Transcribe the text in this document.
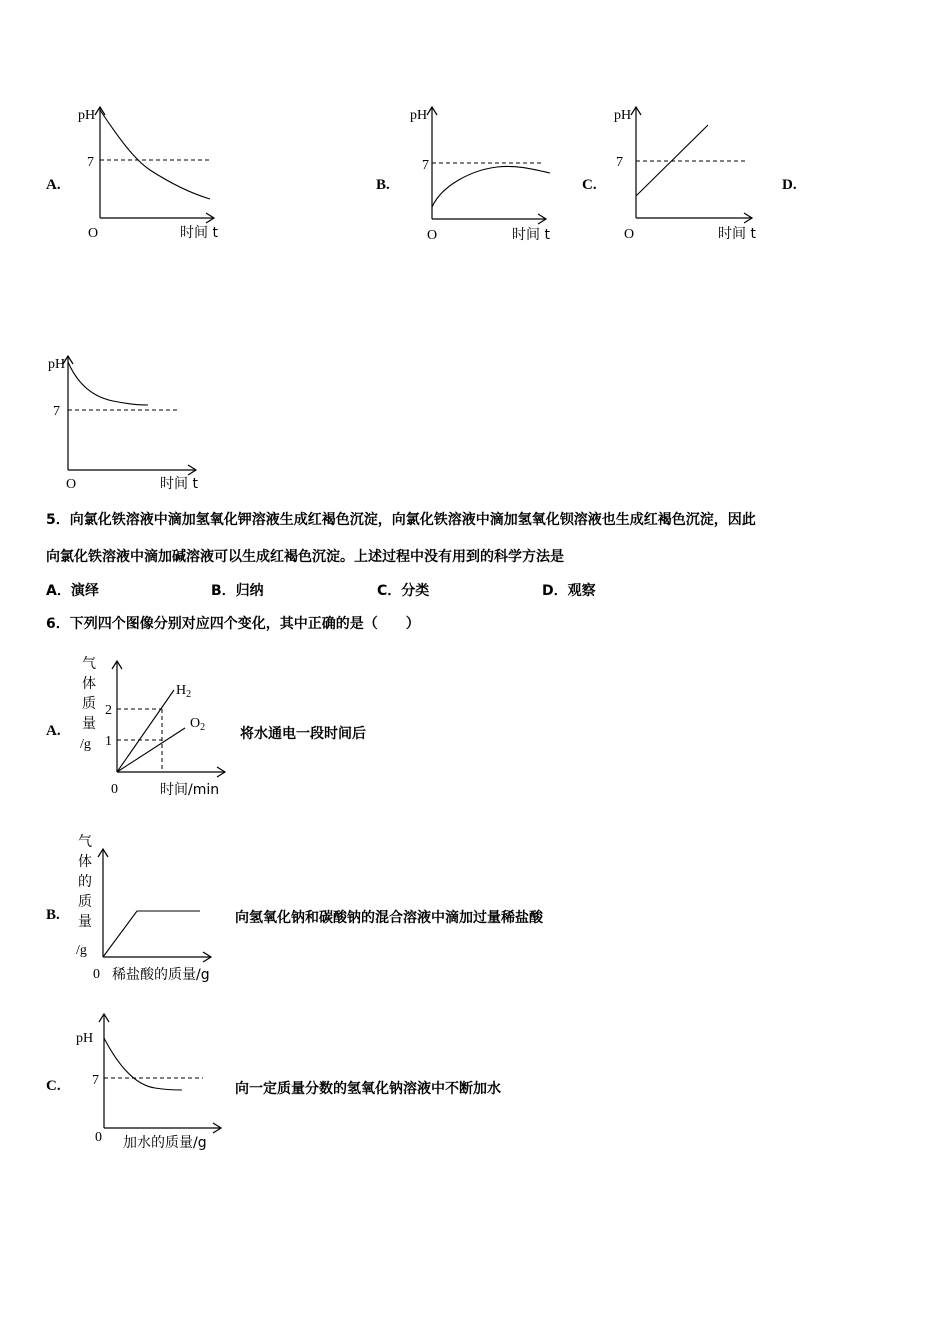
A.
pH
7
O	时间 t
B.
pH
7
O	时间 t
C.
pH
7
O	时间 t
D.
pH
7
O	时间 t
5．向氯化铁溶液中滴加氢氧化钾溶液生成红褐色沉淀，向氯化铁溶液中滴加氢氧化钡溶液也生成红褐色沉淀，因此
向氯化铁溶液中滴加碱溶液可以生成红褐色沉淀。上述过程中没有用到的科学方法是
A．演绎	B．归纳	C．分类	D．观察
6．下列四个图像分别对应四个变化，其中正确的是（　　）
A.
气
体
质
量
/g
2
1
$H_2$
$O_2$
0	时间/min
将水通电一段时间后
B.
气
体
的
质
量
/g
0 稀盐酸的质量/g
向氢氧化钠和碳酸钠的混合溶液中滴加过量稀盐酸
C.
pH
7
0 加水的质量/g
向一定质量分数的氢氧化钠溶液中不断加水
